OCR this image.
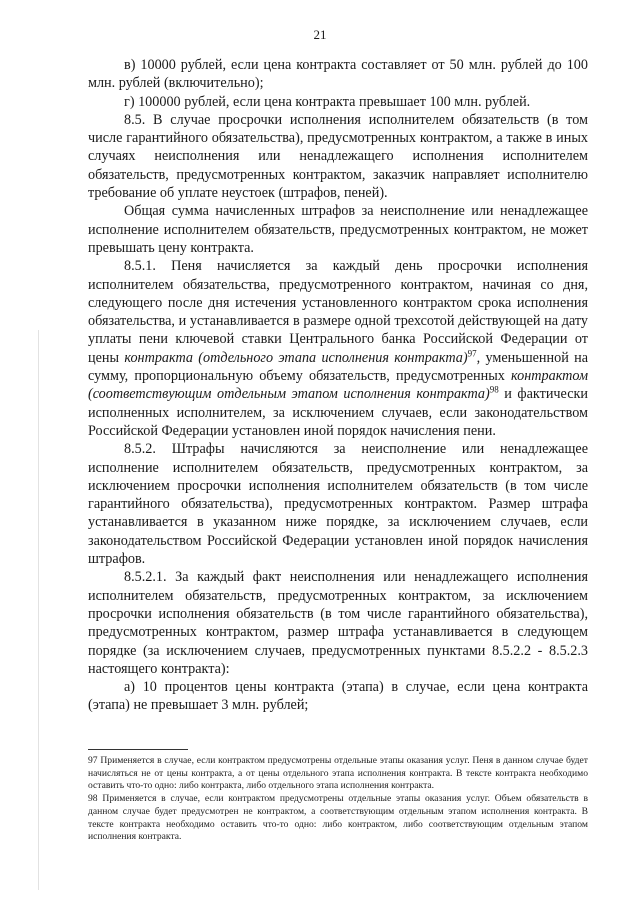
21

в) 10000 рублей, если цена контракта составляет от 50 млн. рублей до 100 млн. рублей (включительно);

г) 100000 рублей, если цена контракта превышает 100 млн. рублей.

8.5. В случае просрочки исполнения исполнителем обязательств (в том числе гарантийного обязательства), предусмотренных контрактом, а также в иных случаях неисполнения или ненадлежащего исполнения исполнителем обязательств, предусмотренных контрактом, заказчик направляет исполнителю требование об уплате неустоек (штрафов, пеней).

Общая сумма начисленных штрафов за неисполнение или ненадлежащее исполнение исполнителем обязательств, предусмотренных контрактом, не может превышать цену контракта.

8.5.1. Пеня начисляется за каждый день просрочки исполнения исполнителем обязательства, предусмотренного контрактом, начиная со дня, следующего после дня истечения установленного контрактом срока исполнения обязательства, и устанавливается в размере одной трехсотой действующей на дату уплаты пени ключевой ставки Центрального банка Российской Федерации от цены контракта (отдельного этапа исполнения контракта)$^{97}$, уменьшенной на сумму, пропорциональную объему обязательств, предусмотренных контрактом (соответствующим отдельным этапом исполнения контракта)$^{98}$ и фактически исполненных исполнителем, за исключением случаев, если законодательством Российской Федерации установлен иной порядок начисления пени.

8.5.2. Штрафы начисляются за неисполнение или ненадлежащее исполнение исполнителем обязательств, предусмотренных контрактом, за исключением просрочки исполнения исполнителем обязательств (в том числе гарантийного обязательства), предусмотренных контрактом. Размер штрафа устанавливается в указанном ниже порядке, за исключением случаев, если законодательством Российской Федерации установлен иной порядок начисления штрафов.

8.5.2.1. За каждый факт неисполнения или ненадлежащего исполнения исполнителем обязательств, предусмотренных контрактом, за исключением просрочки исполнения обязательств (в том числе гарантийного обязательства), предусмотренных контрактом, размер штрафа устанавливается в следующем порядке (за исключением случаев, предусмотренных пунктами 8.5.2.2 - 8.5.2.3 настоящего контракта):

а) 10 процентов цены контракта (этапа) в случае, если цена контракта (этапа) не превышает 3 млн. рублей;

97 Применяется в случае, если контрактом предусмотрены отдельные этапы оказания услуг. Пеня в данном случае будет начисляться не от цены контракта, а от цены отдельного этапа исполнения контракта. В тексте контракта необходимо оставить что-то одно: либо контракта, либо отдельного этапа исполнения контракта.

98 Применяется в случае, если контрактом предусмотрены отдельные этапы оказания услуг. Объем обязательств в данном случае будет предусмотрен не контрактом, а соответствующим отдельным этапом исполнения контракта. В тексте контракта необходимо оставить что-то одно: либо контрактом, либо соответствующим отдельным этапом исполнения контракта.
